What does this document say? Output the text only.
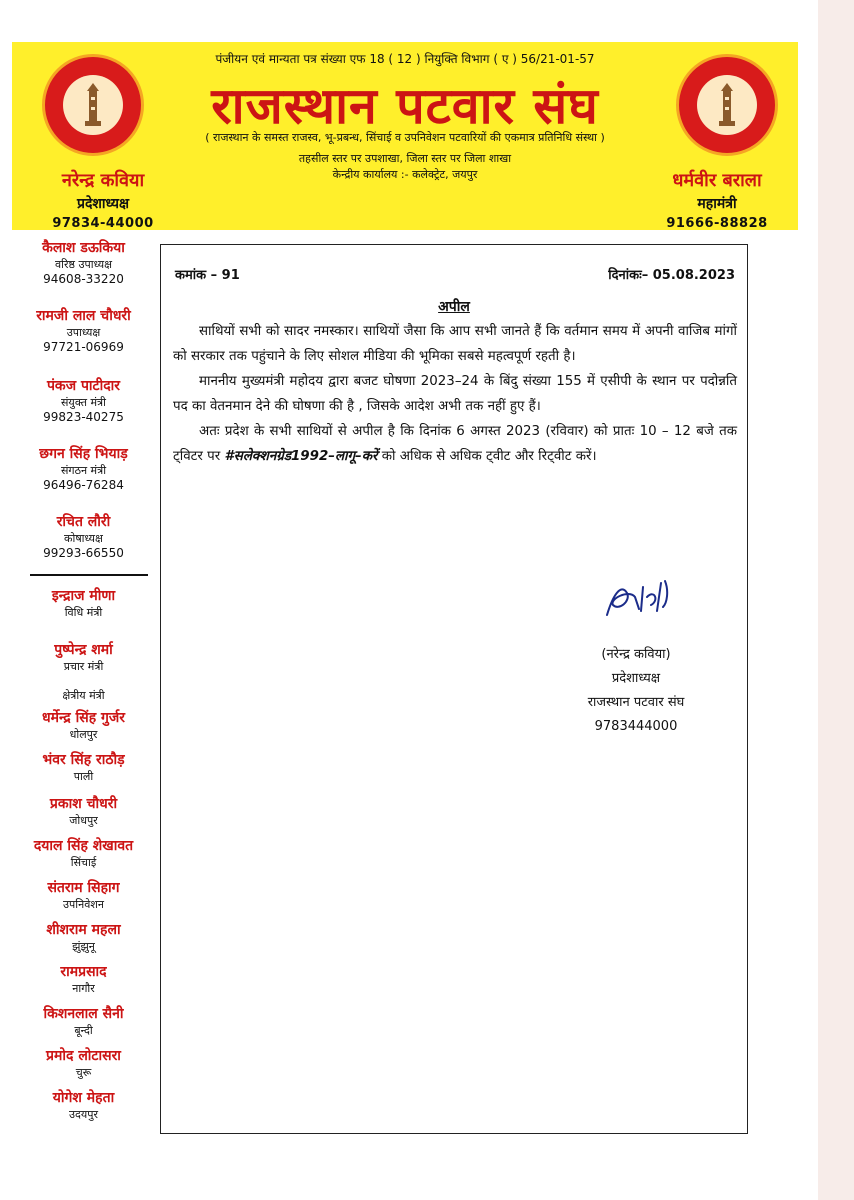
पंजीयन एवं मान्यता पत्र संख्या एफ 18 ( 12 ) नियुक्ति विभाग ( ए ) 56/21-01-57
राजस्थान पटवार संघ
( राजस्थान के समस्त राजस्व, भू-प्रबन्ध, सिंचाई व उपनिवेशन पटवारियों की एकमात्र प्रतिनिधि संस्था )
तहसील स्तर पर उपशाखा, जिला स्तर पर जिला शाखा
केन्द्रीय कार्यालय :- कलेक्ट्रेट, जयपुर
नरेन्द्र कविया
प्रदेशाध्यक्ष
97834-44000
धर्मवीर बराला
महामंत्री
91666-88828
कैलाश डऊकिया
वरिष्ठ उपाध्यक्ष
94608-33220
रामजी लाल चौधरी
उपाध्यक्ष
97721-06969
पंकज पाटीदार
संयुक्त मंत्री
99823-40275
छगन सिंह भियाड़
संगठन मंत्री
96496-76284
रचित लौरी
कोषाध्यक्ष
99293-66550
इन्द्राज मीणा
विधि मंत्री
पुष्पेन्द्र शर्मा
प्रचार मंत्री
क्षेत्रीय मंत्री
धर्मेन्द्र सिंह गुर्जर
धोलपुर
भंवर सिंह राठौड़
पाली
प्रकाश चौधरी
जोधपुर
दयाल सिंह शेखावत
सिंचाई
संतराम सिहाग
उपनिवेशन
शीशराम महला
झुंझुनू
रामप्रसाद
नागौर
किशनलाल सैनी
बून्दी
प्रमोद लोटासरा
चुरू
योगेश मेहता
उदयपुर
कमांक – 91	दिनांकः– 05.08.2023
अपील

साथियों सभी को सादर नमस्कार। साथियों जैसा कि आप सभी जानते हैं कि वर्तमान समय में अपनी वाजिब मांगों को सरकार तक पहुंचाने के लिए सोशल मीडिया की भूमिका सबसे महत्वपूर्ण रहती है।

माननीय मुख्यमंत्री महोदय द्वारा बजट घोषणा 2023–24 के बिंदु संख्या 155 में एसीपी के स्थान पर पदोन्नति पद का वेतनमान देने की घोषणा की है , जिसके आदेश अभी तक नहीं हुए हैं।

अतः प्रदेश के सभी साथियों से अपील है कि दिनांक 6 अगस्त 2023 (रविवार) को प्रातः 10 – 12 बजे तक ट्विटर पर #सलेक्शनग्रेड1992–लागू–करें को अधिक से अधिक ट्वीट और रिट्वीट करें।

(नरेन्द्र कविया)
प्रदेशाध्यक्ष
राजस्थान पटवार संघ
9783444000
